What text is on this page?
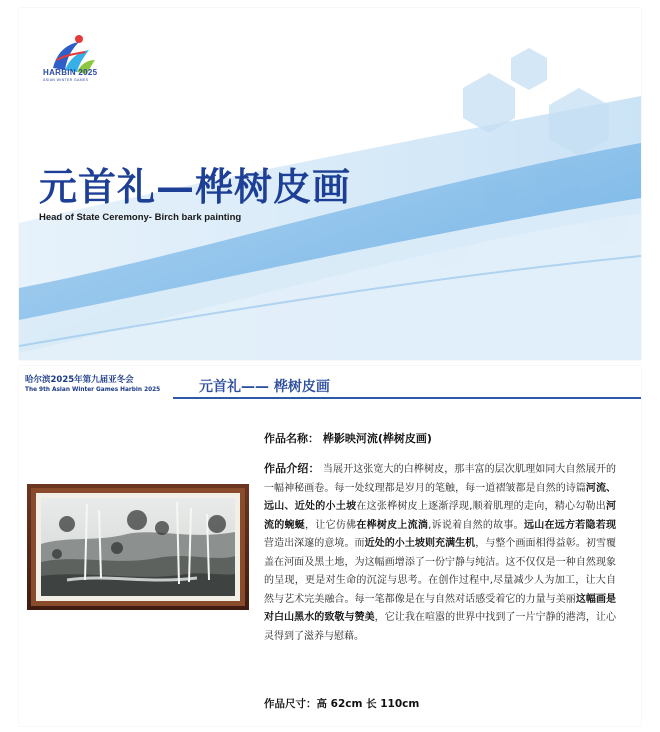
HARBIN 2025
ASIAN WINTER GAMES
元首礼—桦树皮画
Head of State Ceremony- Birch bark painting
哈尔滨2025年第九届亚冬会
The 9th Asian Winter Games Harbin 2025	元首礼—— 桦树皮画
作品名称： 桦影映河流(桦树皮画)
作品介绍： 当展开这张宽大的白桦树皮，那丰富的层次肌理如同大自然展开的一幅神秘画卷。每一处纹理都是岁月的笔触，每一道褶皱都是自然的诗篇河流、远山、近处的小土坡在这张桦树皮上逐渐浮现,顺着肌理的走向，精心勾勒出河流的蜿蜒，让它仿佛在桦树皮上流淌,诉说着自然的故事。远山在远方若隐若现营造出深邃的意境。而近处的小土坡则充满生机，与整个画面相得益彰。初雪覆盖在河面及黑土地，为这幅画增添了一份宁静与纯洁。这不仅仅是一种自然现象的呈现，更是对生命的沉淀与思考。在创作过程中,尽量减少人为加工，让大自然与艺术完美融合。每一笔都像是在与自然对话感受着它的力量与美丽这幅画是对白山黑水的致敬与赞美，它让我在喧嚣的世界中找到了一片宁静的港湾，让心灵得到了滋养与慰藉。
作品尺寸：高 62cm 长 110cm
